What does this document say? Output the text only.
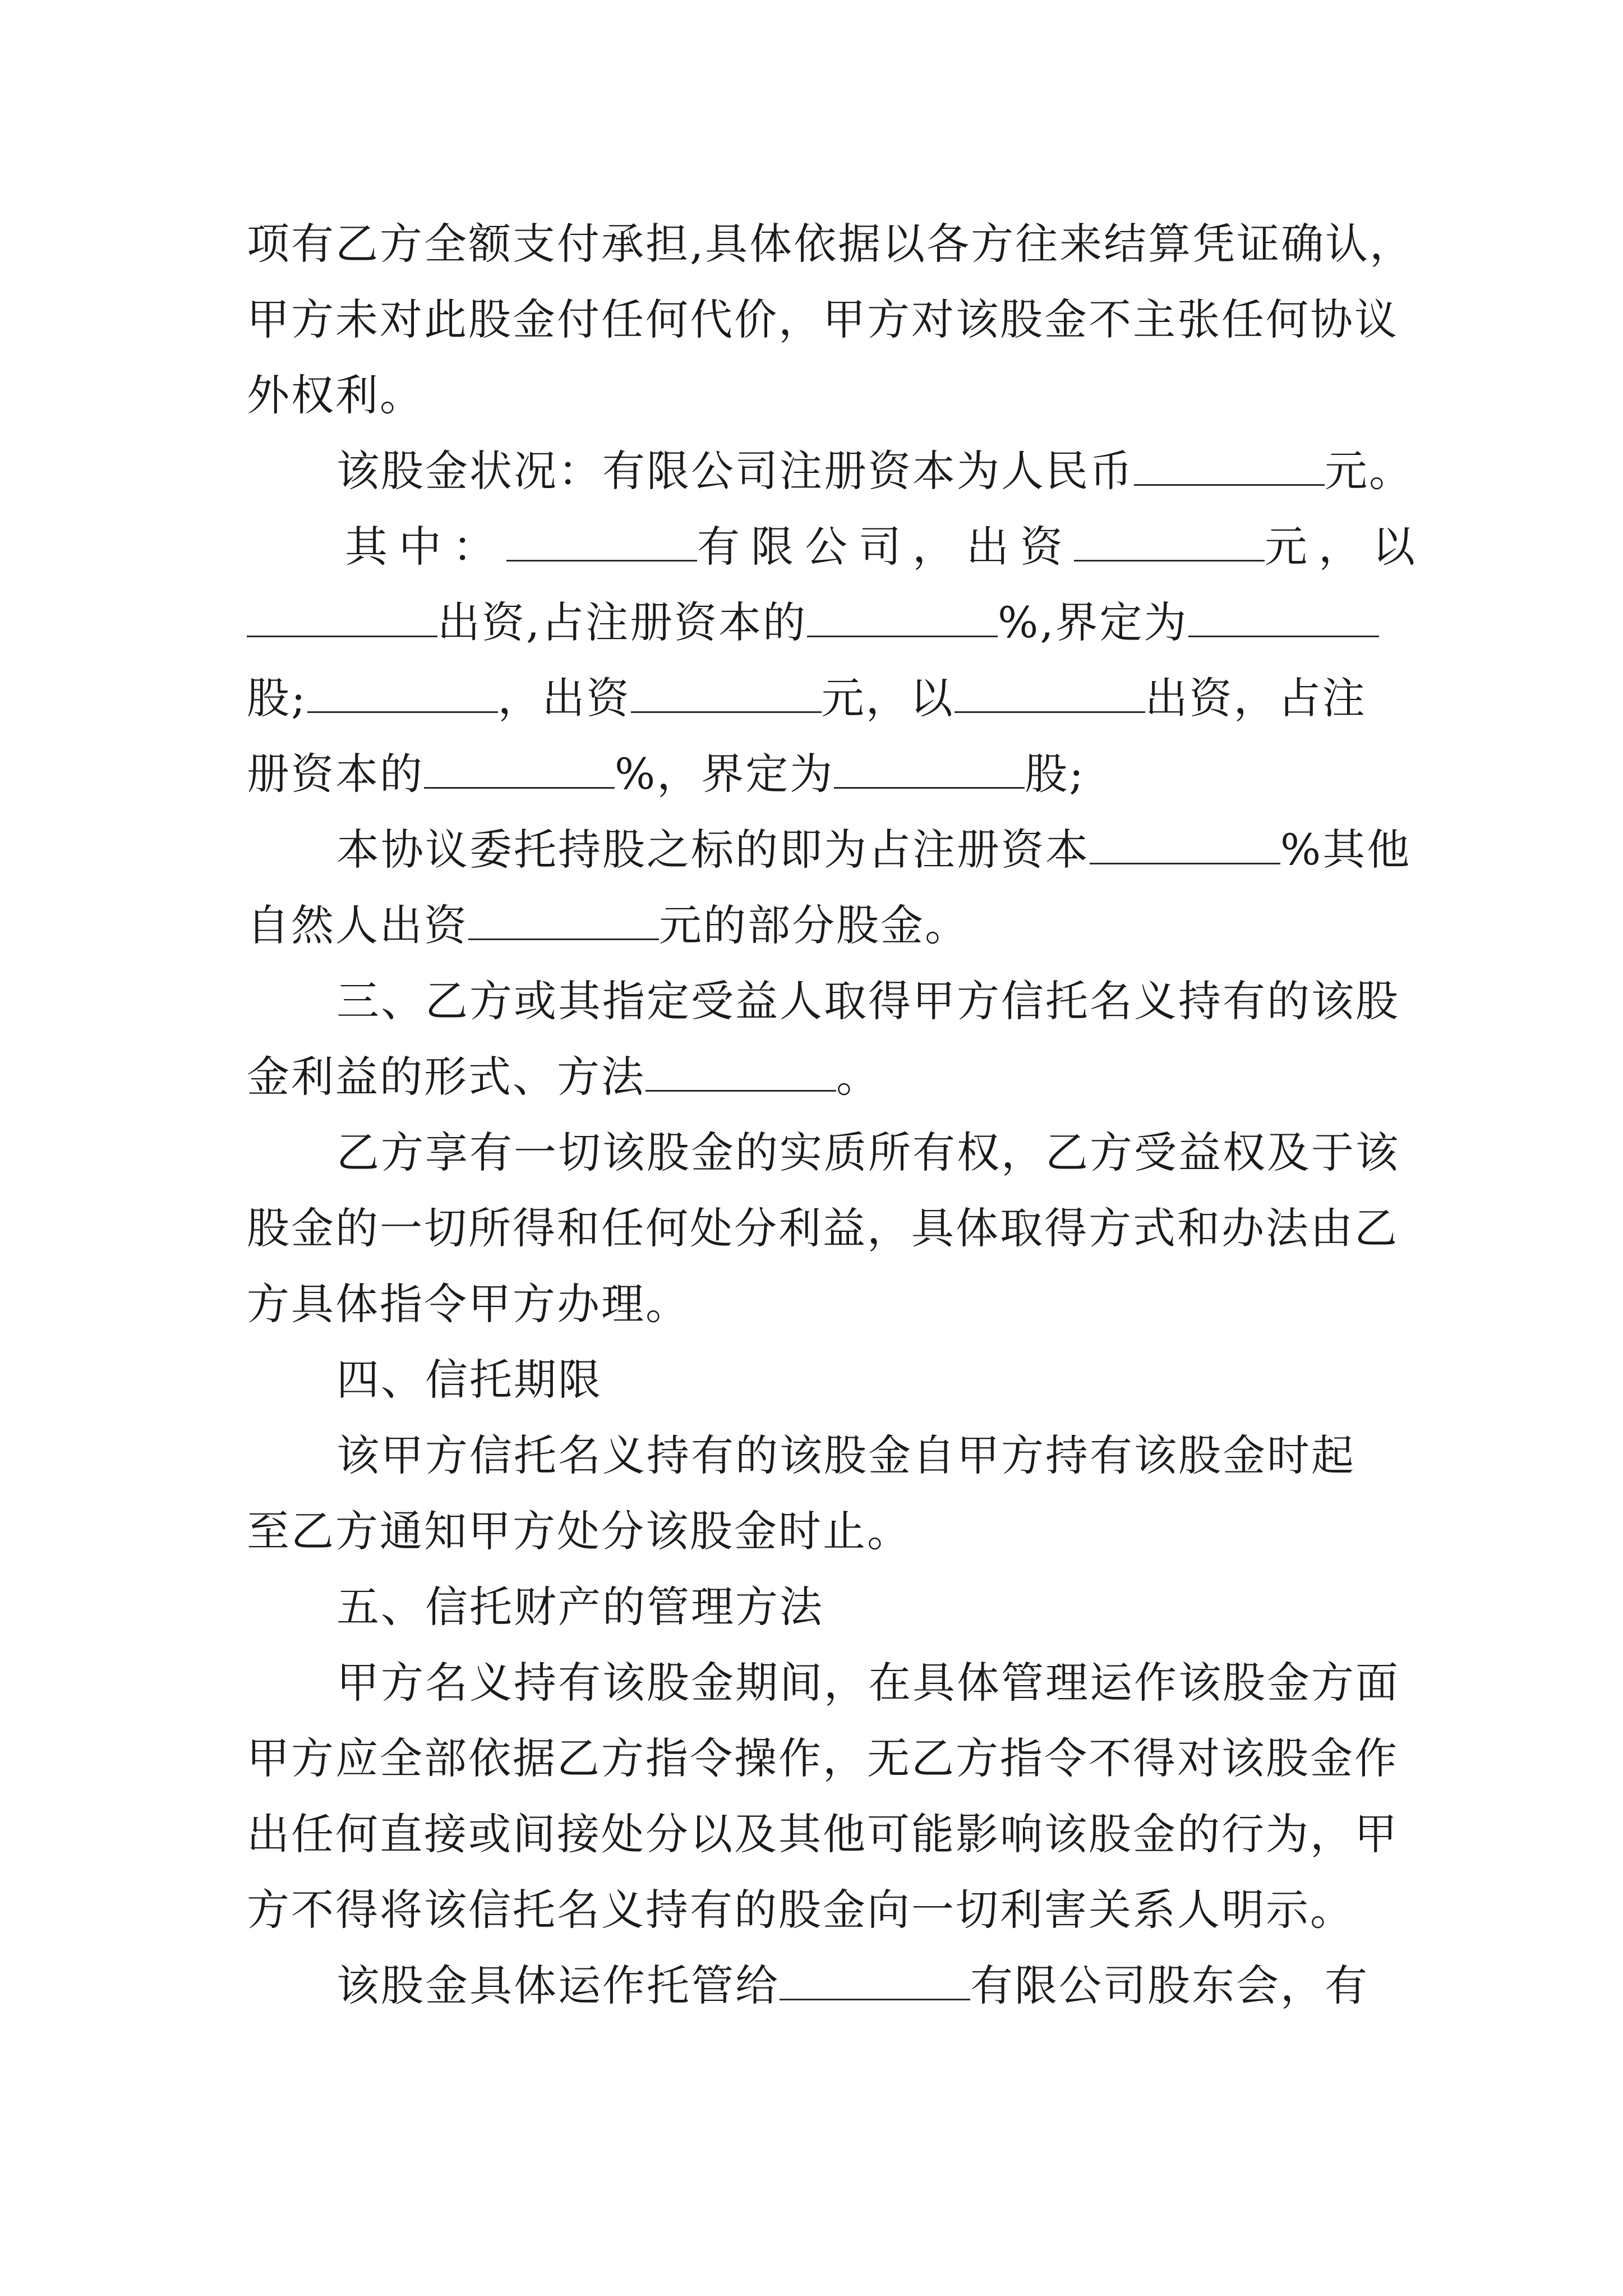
项有乙方全额支付承担,具体依据以各方往来结算凭证确认，

甲方未对此股金付任何代价，甲方对该股金不主张任何协议

外权利。

该股金状况：有限公司注册资本为人民币	元。

其中：	有限公司，出资	元，以

出资,占注册资本的	%,界定为

股;	，出资	元，以	出资，占注

册资本的	%，界定为	股;

本协议委托持股之标的即为占注册资本	%其他

自然人出资	元的部分股金。

三、乙方或其指定受益人取得甲方信托名义持有的该股

金利益的形式、方法	。

乙方享有一切该股金的实质所有权，乙方受益权及于该

股金的一切所得和任何处分利益，具体取得方式和办法由乙

方具体指令甲方办理。

四、信托期限

该甲方信托名义持有的该股金自甲方持有该股金时起

至乙方通知甲方处分该股金时止。

五、信托财产的管理方法

甲方名义持有该股金期间，在具体管理运作该股金方面

甲方应全部依据乙方指令操作，无乙方指令不得对该股金作

出任何直接或间接处分以及其他可能影响该股金的行为，甲

方不得将该信托名义持有的股金向一切利害关系人明示。

该股金具体运作托管给	有限公司股东会，有
